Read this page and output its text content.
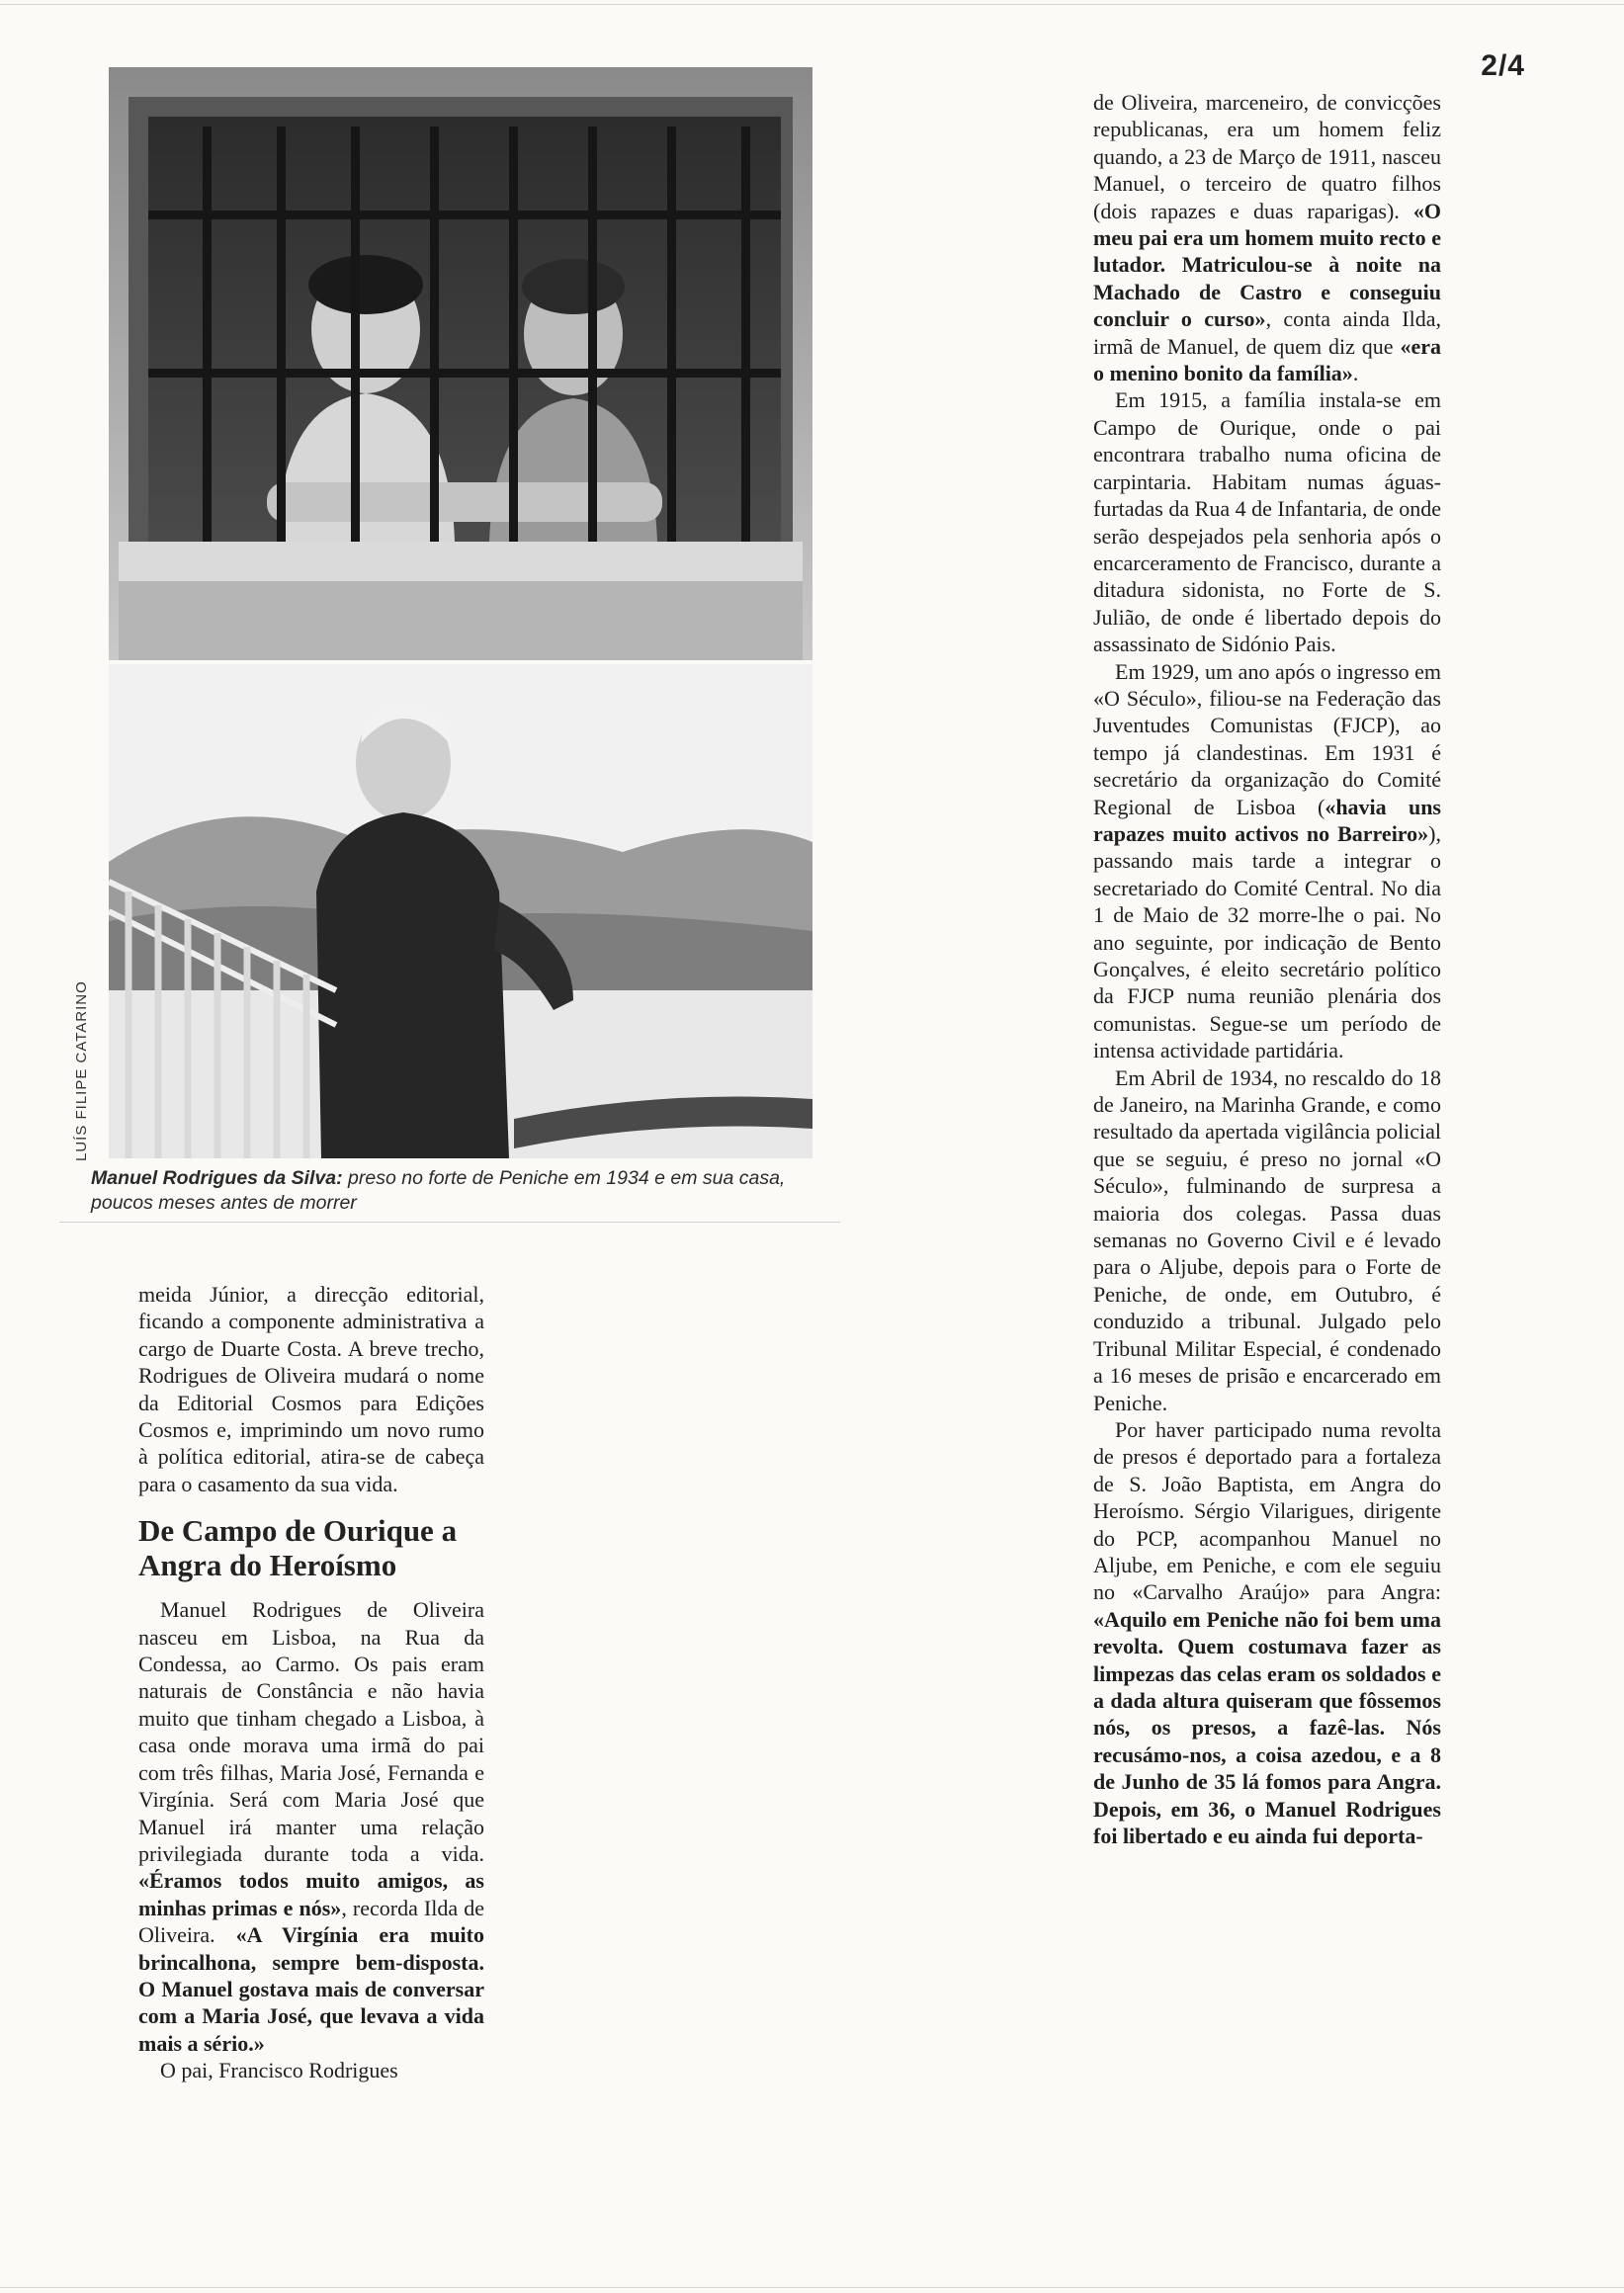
2/4
LUÍS FILIPE CATARINO
Manuel Rodrigues da Silva: preso no forte de Peniche em 1934 e em sua casa, poucos meses antes de morrer

meida Júnior, a direcção editorial, ficando a componente administrativa a cargo de Duarte Costa. A breve trecho, Rodrigues de Oliveira mudará o nome da Editorial Cosmos para Edições Cosmos e, imprimindo um novo rumo à política editorial, atira-se de cabeça para o casamento da sua vida.

De Campo de Ourique a Angra do Heroísmo

Manuel Rodrigues de Oliveira nasceu em Lisboa, na Rua da Condessa, ao Carmo. Os pais eram naturais de Constância e não havia muito que tinham chegado a Lisboa, à casa onde morava uma irmã do pai com três filhas, Maria José, Fernanda e Virgínia. Será com Maria José que Manuel irá manter uma relação privilegiada durante toda a vida. «Éramos todos muito amigos, as minhas primas e nós», recorda Ilda de Oliveira. «A Virgínia era muito brincalhona, sempre bem-disposta. O Manuel gostava mais de conversar com a Maria José, que levava a vida mais a sério.»

O pai, Francisco Rodrigues

de Oliveira, marceneiro, de convicções republicanas, era um homem feliz quando, a 23 de Março de 1911, nasceu Manuel, o terceiro de quatro filhos (dois rapazes e duas raparigas). «O meu pai era um homem muito recto e lutador. Matriculou-se à noite na Machado de Castro e conseguiu concluir o curso», conta ainda Ilda, irmã de Manuel, de quem diz que «era o menino bonito da família».

Em 1915, a família instala-se em Campo de Ourique, onde o pai encontrara trabalho numa oficina de carpintaria. Habitam numas águas-furtadas da Rua 4 de Infantaria, de onde serão despejados pela senhoria após o encarceramento de Francisco, durante a ditadura sidonista, no Forte de S. Julião, de onde é libertado depois do assassinato de Sidónio Pais.

Em 1929, um ano após o ingresso em «O Século», filiou-se na Federação das Juventudes Comunistas (FJCP), ao tempo já clandestinas. Em 1931 é secretário da organização do Comité Regional de Lisboa («havia uns rapazes muito activos no Barreiro»), passando mais tarde a integrar o secretariado do Comité Central. No dia 1 de Maio de 32 morre-lhe o pai. No ano seguinte, por indicação de Bento Gonçalves, é eleito secretário político da FJCP numa reunião plenária dos comunistas. Segue-se um período de intensa actividade partidária.

Em Abril de 1934, no rescaldo do 18 de Janeiro, na Marinha Grande, e como resultado da apertada vigilância policial que se seguiu, é preso no jornal «O Século», fulminando de surpresa a maioria dos colegas. Passa duas semanas no Governo Civil e é levado para o Aljube, depois para o Forte de Peniche, de onde, em Outubro, é conduzido a tribunal. Julgado pelo Tribunal Militar Especial, é condenado a 16 meses de prisão e encarcerado em Peniche.

Por haver participado numa revolta de presos é deportado para a fortaleza de S. João Baptista, em Angra do Heroísmo. Sérgio Vilarigues, dirigente do PCP, acompanhou Manuel no Aljube, em Peniche, e com ele seguiu no «Carvalho Araújo» para Angra: «Aquilo em Peniche não foi bem uma revolta. Quem costumava fazer as limpezas das celas eram os soldados e a dada altura quiseram que fôssemos nós, os presos, a fazê-las. Nós recusámo-nos, a coisa azedou, e a 8 de Junho de 35 lá fomos para Angra. Depois, em 36, o Manuel Rodrigues foi libertado e eu ainda fui deporta-
